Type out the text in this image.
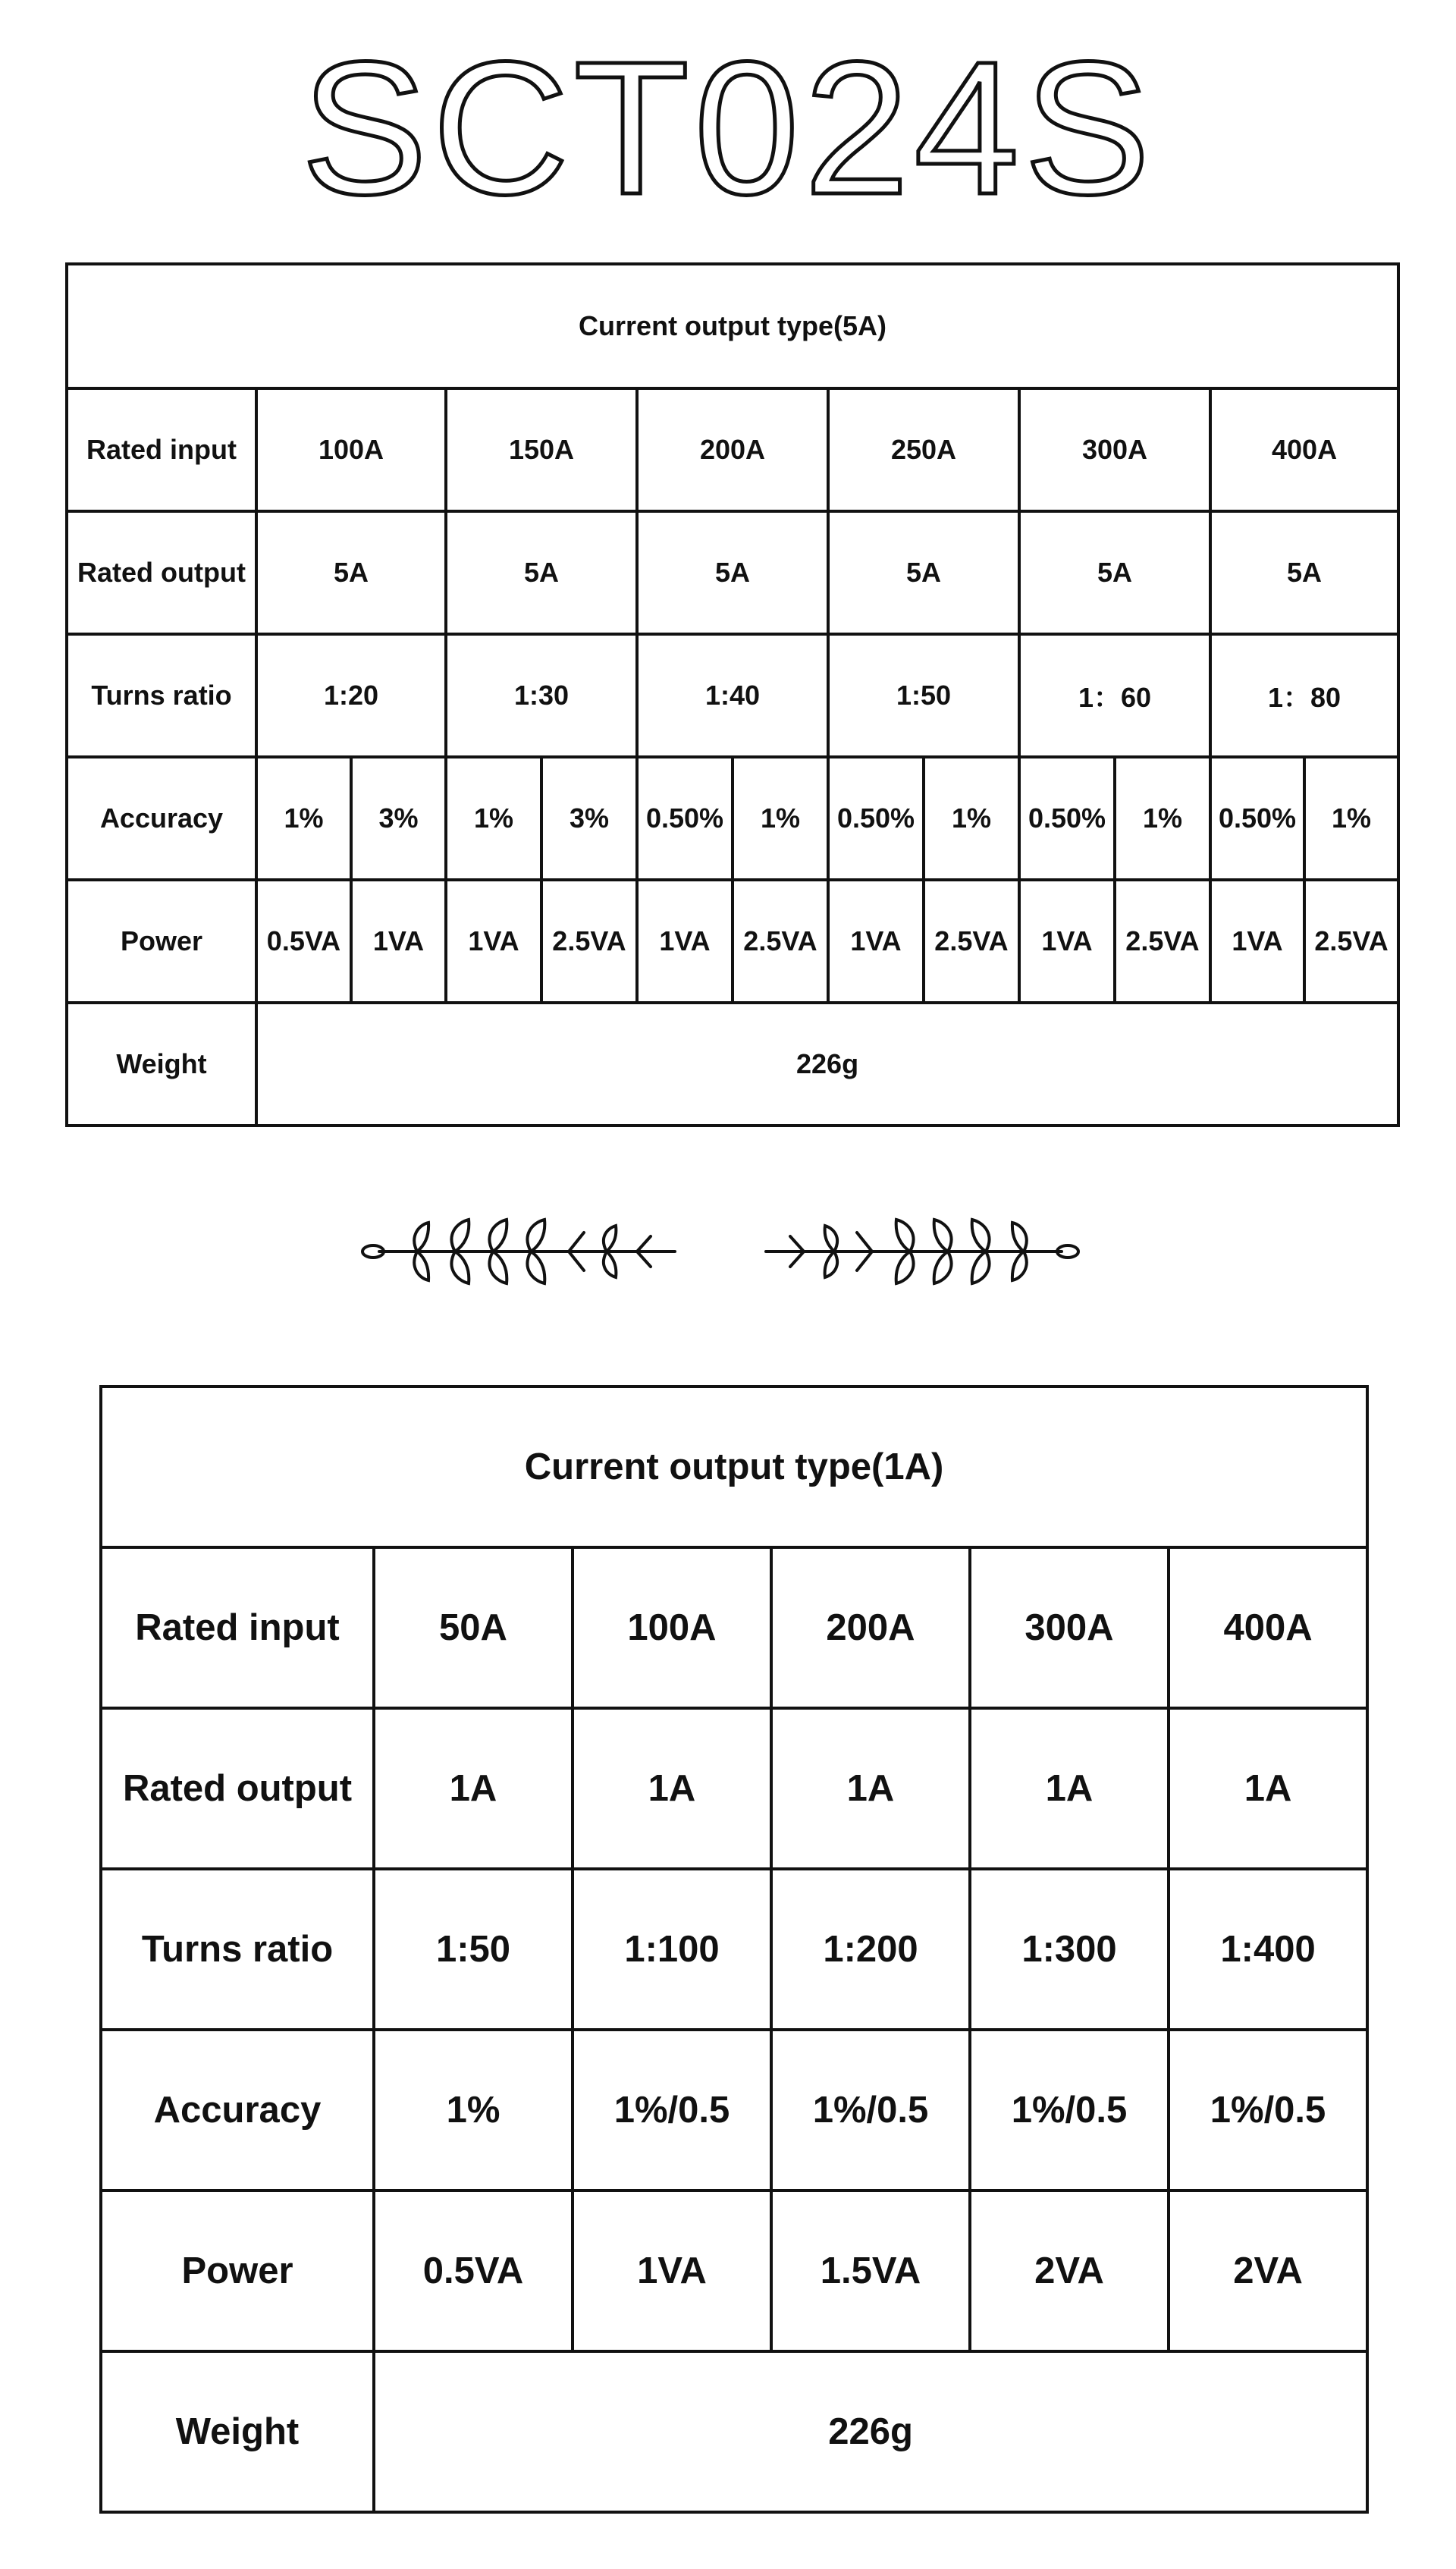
SCT024S
Current output type(5A)												
Rated input	100A		150A		200A		250A		300A		400A	
Rated output	5A		5A		5A		5A		5A		5A	
Turns ratio	1:20		1:30		1:40		1:50		1：60		1：80	
Accuracy	1%	3%	1%	3%	0.50%	1%	0.50%	1%	0.50%	1%	0.50%	1%
Power	0.5VA	1VA	1VA	2.5VA	1VA	2.5VA	1VA	2.5VA	1VA	2.5VA	1VA	2.5VA
Weight	226g											
Current output type(1A)					
Rated input	50A	100A	200A	300A	400A
Rated output	1A	1A	1A	1A	1A
Turns ratio	1:50	1:100	1:200	1:300	1:400
Accuracy	1%	1%/0.5	1%/0.5	1%/0.5	1%/0.5
Power	0.5VA	1VA	1.5VA	2VA	2VA
Weight	226g				
